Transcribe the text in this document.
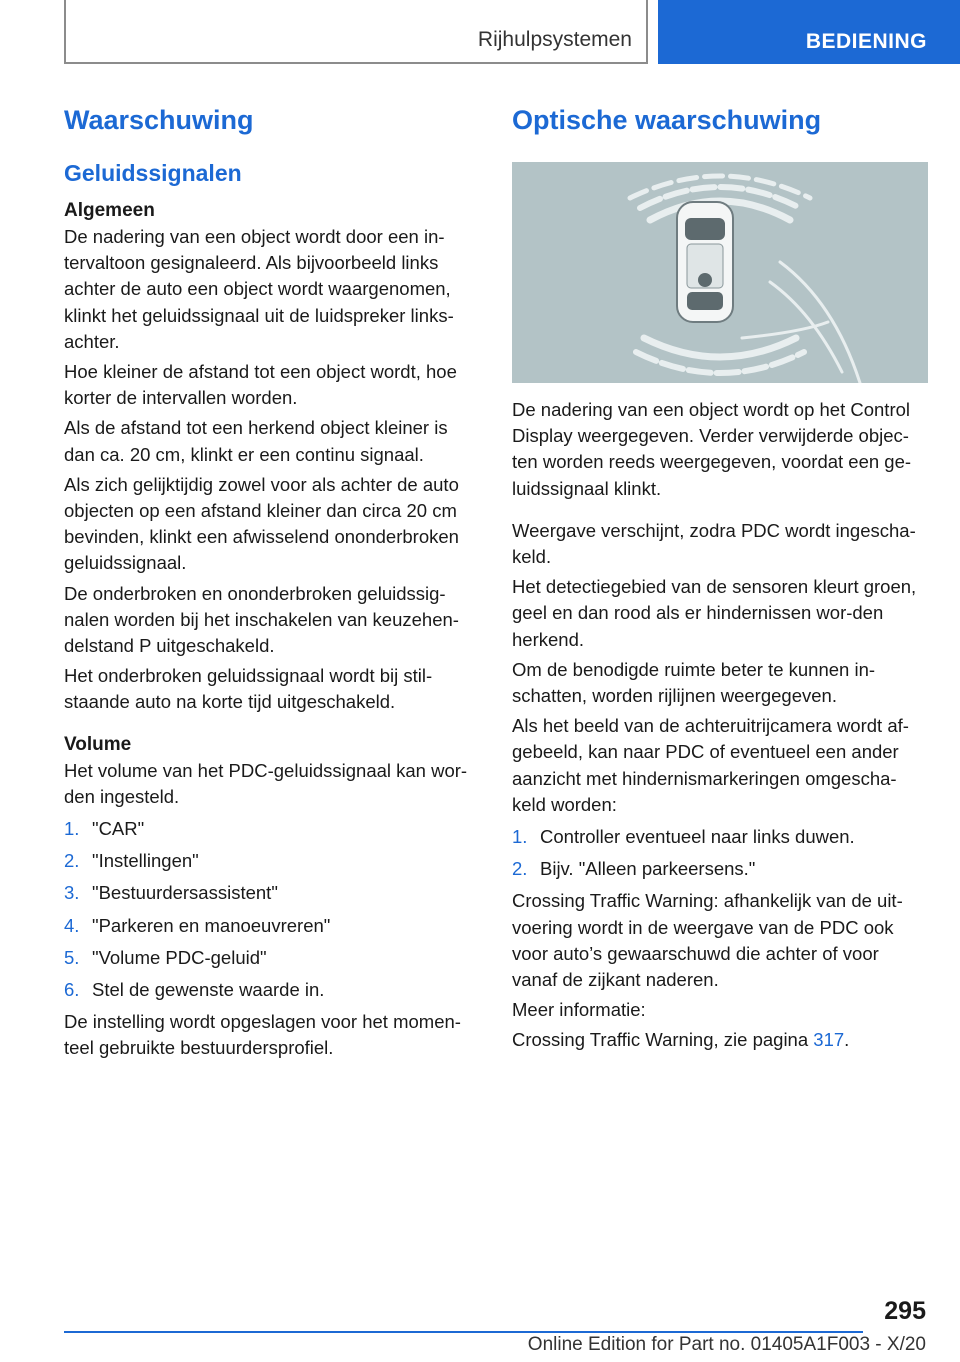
Rijhulpsystemen	BEDIENING
Waarschuwing
Geluidssignalen
Algemeen

De nadering van een object wordt door een in-tervaltoon gesignaleerd. Als bijvoorbeeld links achter de auto een object wordt waargenomen, klinkt het geluidssignaal uit de luidspreker links-achter.

Hoe kleiner de afstand tot een object wordt, hoe korter de intervallen worden.

Als de afstand tot een herkend object kleiner is dan ca. 20 cm, klinkt er een continu signaal.

Als zich gelijktijdig zowel voor als achter de auto objecten op een afstand kleiner dan circa 20 cm bevinden, klinkt een afwisselend ononderbroken geluidssignaal.

De onderbroken en ononderbroken geluidssig-nalen worden bij het inschakelen van keuzehen-delstand P uitgeschakeld.

Het onderbroken geluidssignaal wordt bij stil-staande auto na korte tijd uitgeschakeld.

Volume

Het volume van het PDC-geluidssignaal kan wor-den ingesteld.

1. "CAR"
2. "Instellingen"
3. "Bestuurdersassistent"
4. "Parkeren en manoeuvreren"
5. "Volume PDC-geluid"
6. Stel de gewenste waarde in.

De instelling wordt opgeslagen voor het momen-teel gebruikte bestuurdersprofiel.

Optische waarschuwing

De nadering van een object wordt op het Control Display weergegeven. Verder verwijderde objec-ten worden reeds weergegeven, voordat een ge-luidssignaal klinkt.

Weergave verschijnt, zodra PDC wordt ingescha-keld.

Het detectiegebied van de sensoren kleurt groen, geel en dan rood als er hindernissen wor-den herkend.

Om de benodigde ruimte beter te kunnen in-schatten, worden rijlijnen weergegeven.

Als het beeld van de achteruitrijcamera wordt af-gebeeld, kan naar PDC of eventueel een ander aanzicht met hindernismarkeringen omgescha-keld worden:

1. Controller eventueel naar links duwen.
2. Bijv. "Alleen parkeersens."

Crossing Traffic Warning: afhankelijk van de uit-voering wordt in de weergave van de PDC ook voor auto’s gewaarschuwd die achter of voor vanaf de zijkant naderen.

Meer informatie:

Crossing Traffic Warning, zie pagina 317.

295
Online Edition for Part no. 01405A1F003 - X/20
